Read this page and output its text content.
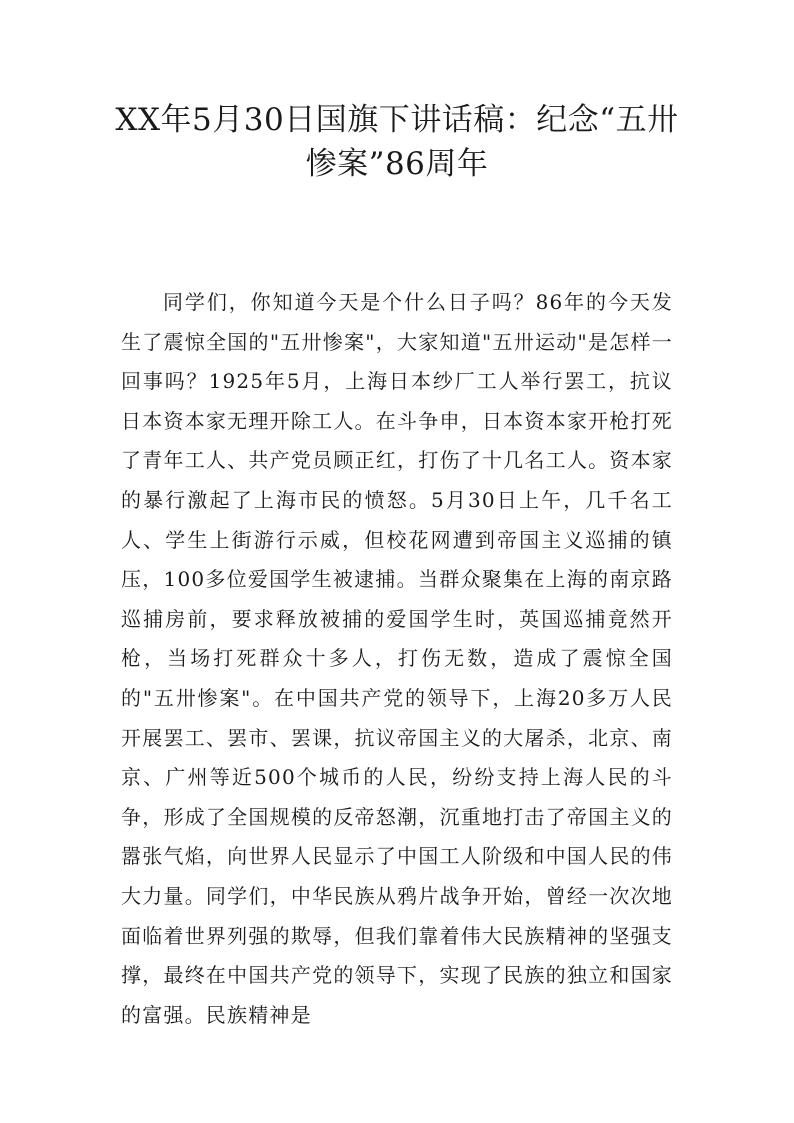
XX年5月30日国旗下讲话稿：纪念“五卅惨案”86周年

同学们，你知道今天是个什么日子吗？86年的今天发生了震惊全国的"五卅惨案"，大家知道"五卅运动"是怎样一回事吗？1925年5月，上海日本纱厂工人举行罢工，抗议日本资本家无理开除工人。在斗争申，日本资本家开枪打死了青年工人、共产党员顾正红，打伤了十几名工人。资本家的暴行激起了上海市民的愤怒。5月30日上午，几千名工人、学生上街游行示威，但校花网遭到帝国主义巡捕的镇压，100多位爱国学生被逮捕。当群众聚集在上海的南京路巡捕房前，要求释放被捕的爱国学生时，英国巡捕竟然开枪，当场打死群众十多人，打伤无数，造成了震惊全国的"五卅惨案"。在中国共产党的领导下，上海20多万人民开展罢工、罢市、罢课，抗议帝国主义的大屠杀，北京、南京、广州等近500个城币的人民，纷纷支持上海人民的斗争，形成了全国规模的反帝怒潮，沉重地打击了帝国主义的嚣张气焰，向世界人民显示了中国工人阶级和中国人民的伟大力量。同学们，中华民族从鸦片战争开始，曾经一次次地面临着世界列强的欺辱，但我们靠着伟大民族精神的坚强支撑，最终在中国共产党的领导下，实现了民族的独立和国家的富强。民族精神是
